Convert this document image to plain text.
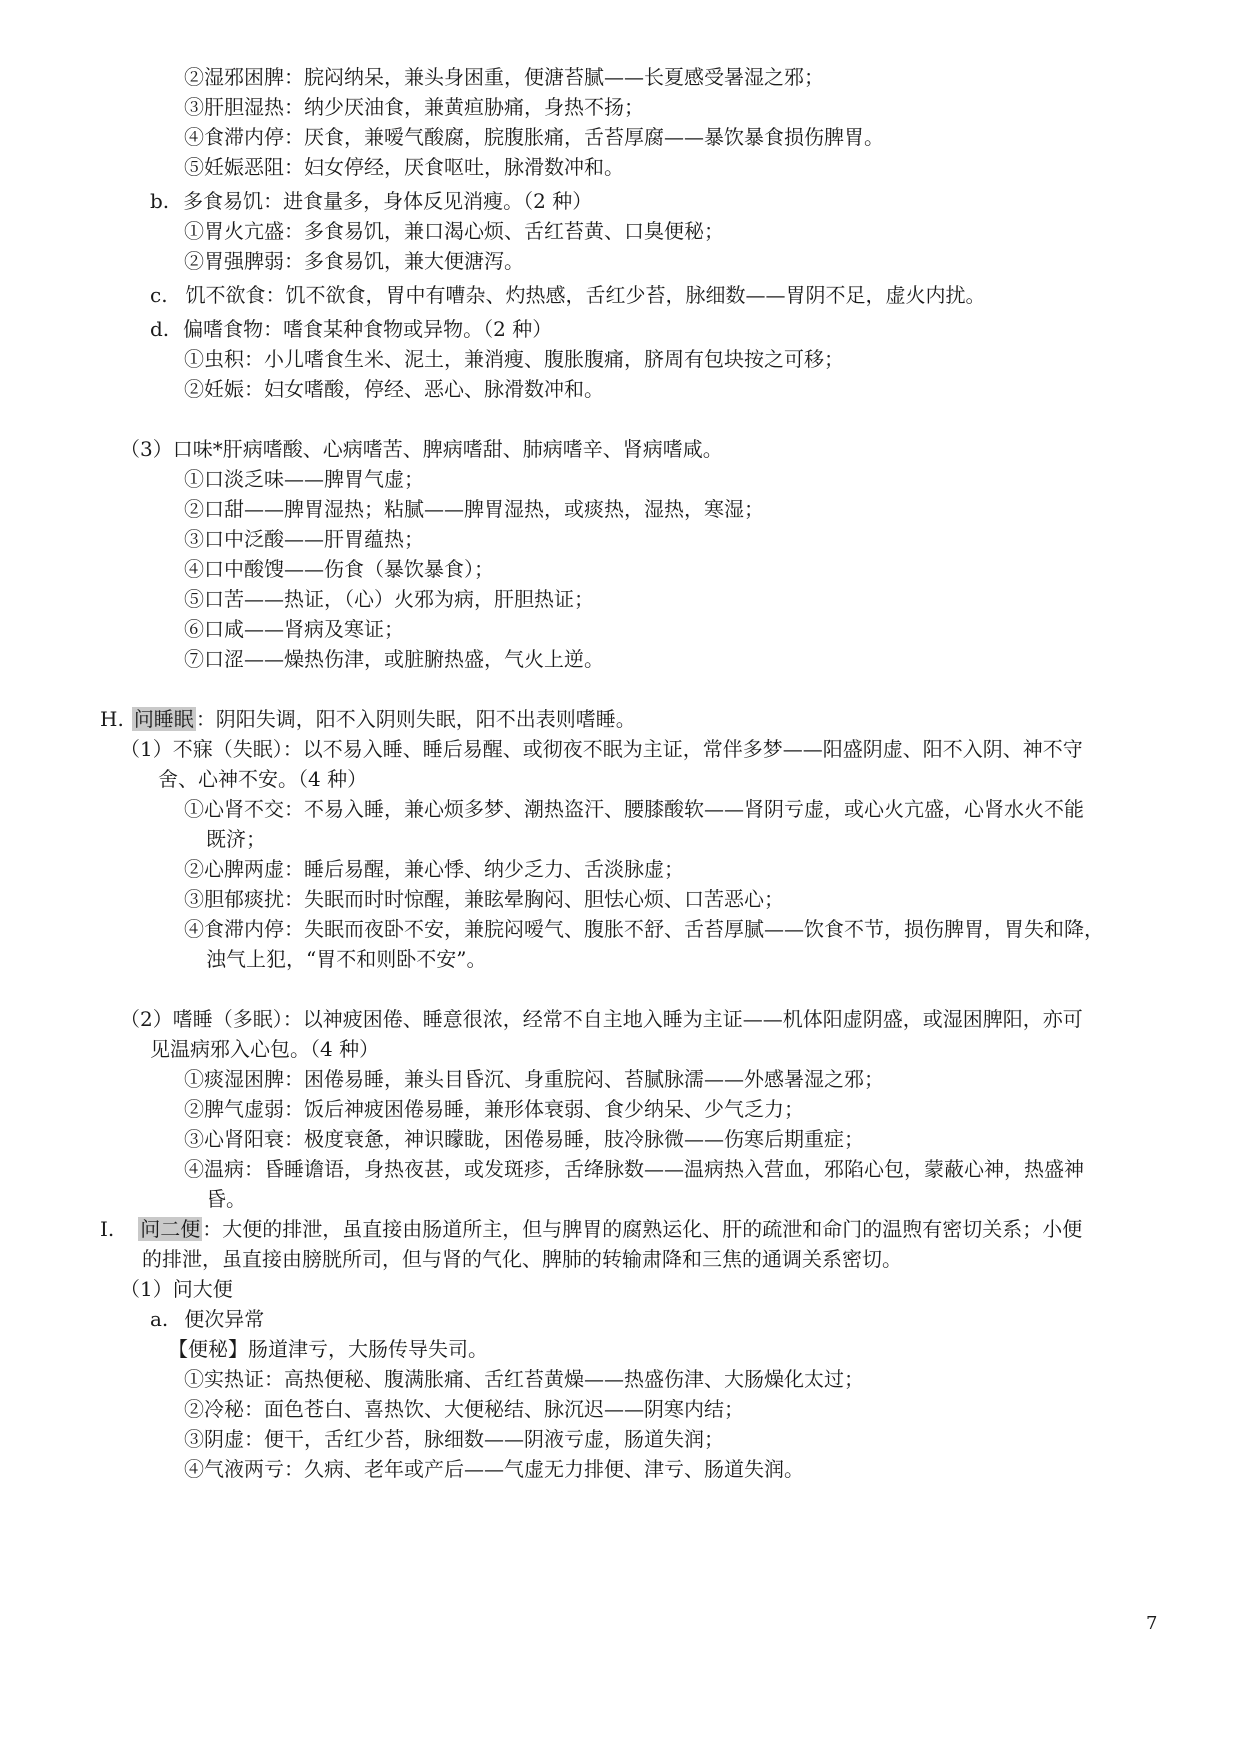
②湿邪困脾：脘闷纳呆，兼头身困重，便溏苔腻——长夏感受暑湿之邪；
③肝胆湿热：纳少厌油食，兼黄疸胁痛，身热不扬；
④食滞内停：厌食，兼嗳气酸腐，脘腹胀痛，舌苔厚腐——暴饮暴食损伤脾胃。
⑤妊娠恶阻：妇女停经，厌食呕吐，脉滑数冲和。
b. 多食易饥：进食量多，身体反见消瘦。（2 种）
①胃火亢盛：多食易饥，兼口渴心烦、舌红苔黄、口臭便秘；
②胃强脾弱：多食易饥，兼大便溏泻。
c. 饥不欲食：饥不欲食，胃中有嘈杂、灼热感，舌红少苔，脉细数——胃阴不足，虚火内扰。
d. 偏嗜食物：嗜食某种食物或异物。（2 种）
①虫积：小儿嗜食生米、泥土，兼消瘦、腹胀腹痛，脐周有包块按之可移；
②妊娠：妇女嗜酸，停经、恶心、脉滑数冲和。
（3）口味*肝病嗜酸、心病嗜苦、脾病嗜甜、肺病嗜辛、肾病嗜咸。
①口淡乏味——脾胃气虚；
②口甜——脾胃湿热；粘腻——脾胃湿热，或痰热，湿热，寒湿；
③口中泛酸——肝胃蕴热；
④口中酸馊——伤食（暴饮暴食）；
⑤口苦——热证，（心）火邪为病，肝胆热证；
⑥口咸——肾病及寒证；
⑦口涩——燥热伤津，或脏腑热盛，气火上逆。
H. 问睡眠 ：阴阳失调，阳不入阴则失眠，阳不出表则嗜睡。
（1）不寐（失眠）：以不易入睡、睡后易醒、或彻夜不眠为主证，常伴多梦——阳盛阴虚、阳不入阴、神不守
舍、心神不安。（4 种）
①心肾不交：不易入睡，兼心烦多梦、潮热盗汗、腰膝酸软——肾阴亏虚，或心火亢盛，心肾水火不能
既济；
②心脾两虚：睡后易醒，兼心悸、纳少乏力、舌淡脉虚；
③胆郁痰扰：失眠而时时惊醒，兼眩晕胸闷、胆怯心烦、口苦恶心；
④食滞内停：失眠而夜卧不安，兼脘闷嗳气、腹胀不舒、舌苔厚腻——饮食不节，损伤脾胃，胃失和降，
浊气上犯，“胃不和则卧不安”。
（2）嗜睡（多眠）：以神疲困倦、睡意很浓，经常不自主地入睡为主证——机体阳虚阴盛，或湿困脾阳，亦可
见温病邪入心包。（4 种）
①痰湿困脾：困倦易睡，兼头目昏沉、身重脘闷、苔腻脉濡——外感暑湿之邪；
②脾气虚弱：饭后神疲困倦易睡，兼形体衰弱、食少纳呆、少气乏力；
③心肾阳衰：极度衰惫，神识矇眬，困倦易睡，肢冷脉微——伤寒后期重症；
④温病：昏睡谵语，身热夜甚，或发斑疹，舌绛脉数——温病热入营血，邪陷心包，蒙蔽心神，热盛神
昏。
I. 问二便 ：大便的排泄，虽直接由肠道所主，但与脾胃的腐熟运化、肝的疏泄和命门的温煦有密切关系；小便
的排泄，虽直接由膀胱所司，但与肾的气化、脾肺的转输肃降和三焦的通调关系密切。
（1）问大便
a. 便次异常
【便秘】肠道津亏，大肠传导失司。
①实热证：高热便秘、腹满胀痛、舌红苔黄燥——热盛伤津、大肠燥化太过；
②冷秘：面色苍白、喜热饮、大便秘结、脉沉迟——阴寒内结；
③阴虚：便干，舌红少苔，脉细数——阴液亏虚，肠道失润；
④气液两亏：久病、老年或产后——气虚无力排便、津亏、肠道失润。
7
